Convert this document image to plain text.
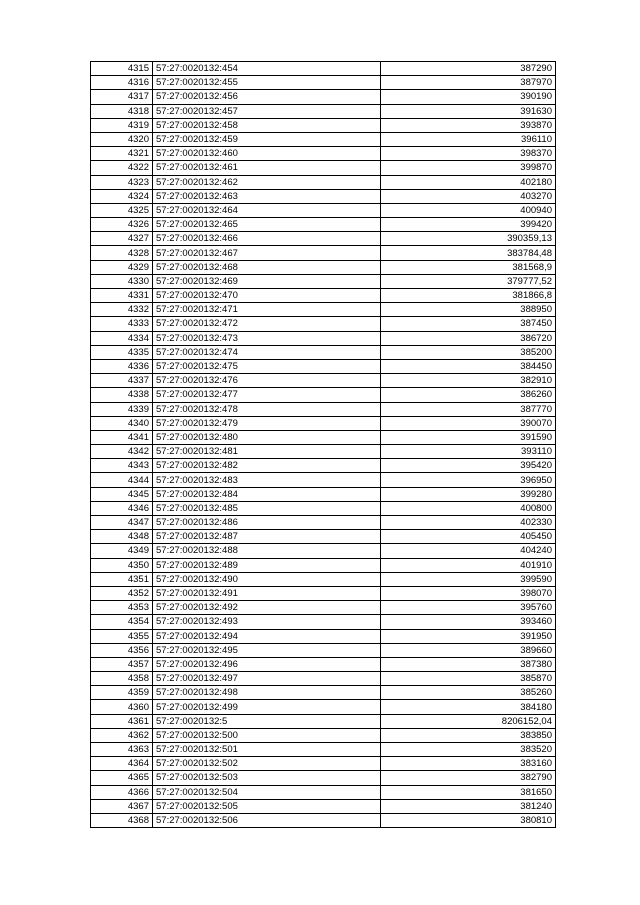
4315	57:27:0020132:454	387290
4316	57:27:0020132:455	387970
4317	57:27:0020132:456	390190
4318	57:27:0020132:457	391630
4319	57:27:0020132:458	393870
4320	57:27:0020132:459	396110
4321	57:27:0020132:460	398370
4322	57:27:0020132:461	399870
4323	57:27:0020132:462	402180
4324	57:27:0020132:463	403270
4325	57:27:0020132:464	400940
4326	57:27:0020132:465	399420
4327	57:27:0020132:466	390359,13
4328	57:27:0020132:467	383784,48
4329	57:27:0020132:468	381568,9
4330	57:27:0020132:469	379777,52
4331	57:27:0020132:470	381866,8
4332	57:27:0020132:471	388950
4333	57:27:0020132:472	387450
4334	57:27:0020132:473	386720
4335	57:27:0020132:474	385200
4336	57:27:0020132:475	384450
4337	57:27:0020132:476	382910
4338	57:27:0020132:477	386260
4339	57:27:0020132:478	387770
4340	57:27:0020132:479	390070
4341	57:27:0020132:480	391590
4342	57:27:0020132:481	393110
4343	57:27:0020132:482	395420
4344	57:27:0020132:483	396950
4345	57:27:0020132:484	399280
4346	57:27:0020132:485	400800
4347	57:27:0020132:486	402330
4348	57:27:0020132:487	405450
4349	57:27:0020132:488	404240
4350	57:27:0020132:489	401910
4351	57:27:0020132:490	399590
4352	57:27:0020132:491	398070
4353	57:27:0020132:492	395760
4354	57:27:0020132:493	393460
4355	57:27:0020132:494	391950
4356	57:27:0020132:495	389660
4357	57:27:0020132:496	387380
4358	57:27:0020132:497	385870
4359	57:27:0020132:498	385260
4360	57:27:0020132:499	384180
4361	57:27:0020132:5	8206152,04
4362	57:27:0020132:500	383850
4363	57:27:0020132:501	383520
4364	57:27:0020132:502	383160
4365	57:27:0020132:503	382790
4366	57:27:0020132:504	381650
4367	57:27:0020132:505	381240
4368	57:27:0020132:506	380810
